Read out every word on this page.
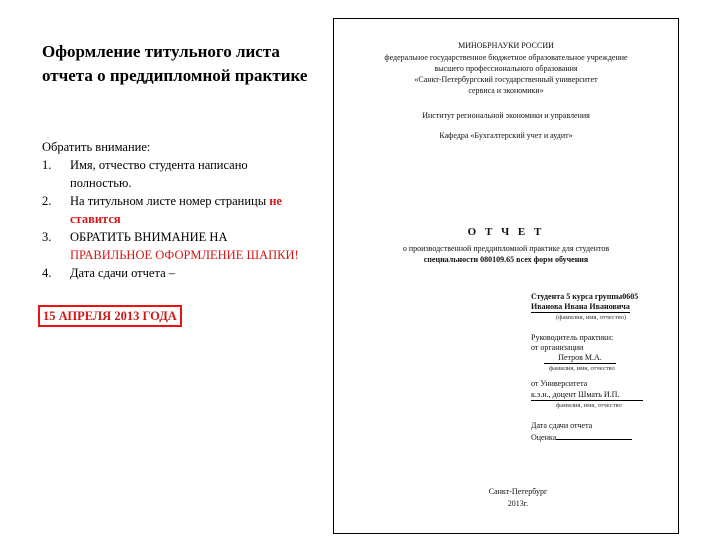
Оформление титульного листа отчета о преддипломной практике
Обратить внимание:
1.	Имя, отчество студента написано полностью.
2.	На титульном листе номер страницы не ставится
3.	ОБРАТИТЬ ВНИМАНИЕ НА ПРАВИЛЬНОЕ ОФОРМЛЕНИЕ ШАПКИ!
4.	Дата сдачи отчета –
15 АПРЕЛЯ 2013 ГОДА
МИНОБРНАУКИ РОССИИ
федеральное государственное бюджетное образовательное учреждение
высшего профессионального образования
«Санкт-Петербургский государственный университет
сервиса и экономики»
Институт региональной экономики и управления
Кафедра «Бухгалтерский учет и аудит»
О Т Ч Е Т
о производственной преддипломной практике для студентов
специальности 080109.65 всех форм обучения
Студента 5 курса группы0605
Иванова Ивана Ивановича
(фамилия, имя, отчество)
Руководитель практики:
от организации
Петров М.А.
фамилия, имя, отчество
от Университета
к.э.н., доцент Шмать И.П.
фамилия, имя, отчество
Дата сдачи отчета
Оценка
Санкт-Петербург
2013г.
